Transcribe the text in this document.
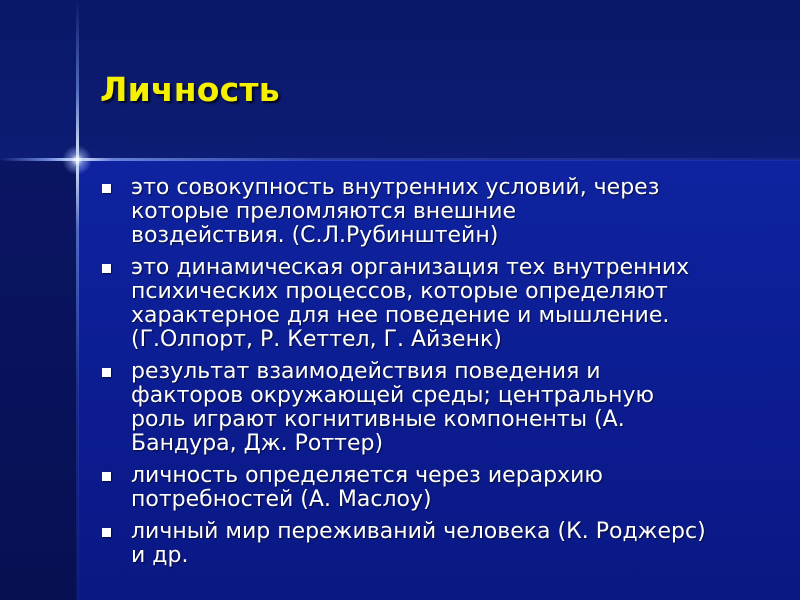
Личность
это совокупность внутренних условий, через
которые преломляются внешние
воздействия. (С.Л.Рубинштейн)
это динамическая организация тех внутренних
психических процессов, которые определяют
характерное для нее поведение и мышление.
(Г.Олпорт, Р. Кеттел, Г. Айзенк)
результат взаимодействия поведения и
факторов окружающей среды; центральную
роль играют когнитивные компоненты (А.
Бандура, Дж. Роттер)
личность определяется через иерархию
потребностей (А. Маслоу)
личный мир переживаний человека (К. Роджерс)
и др.
